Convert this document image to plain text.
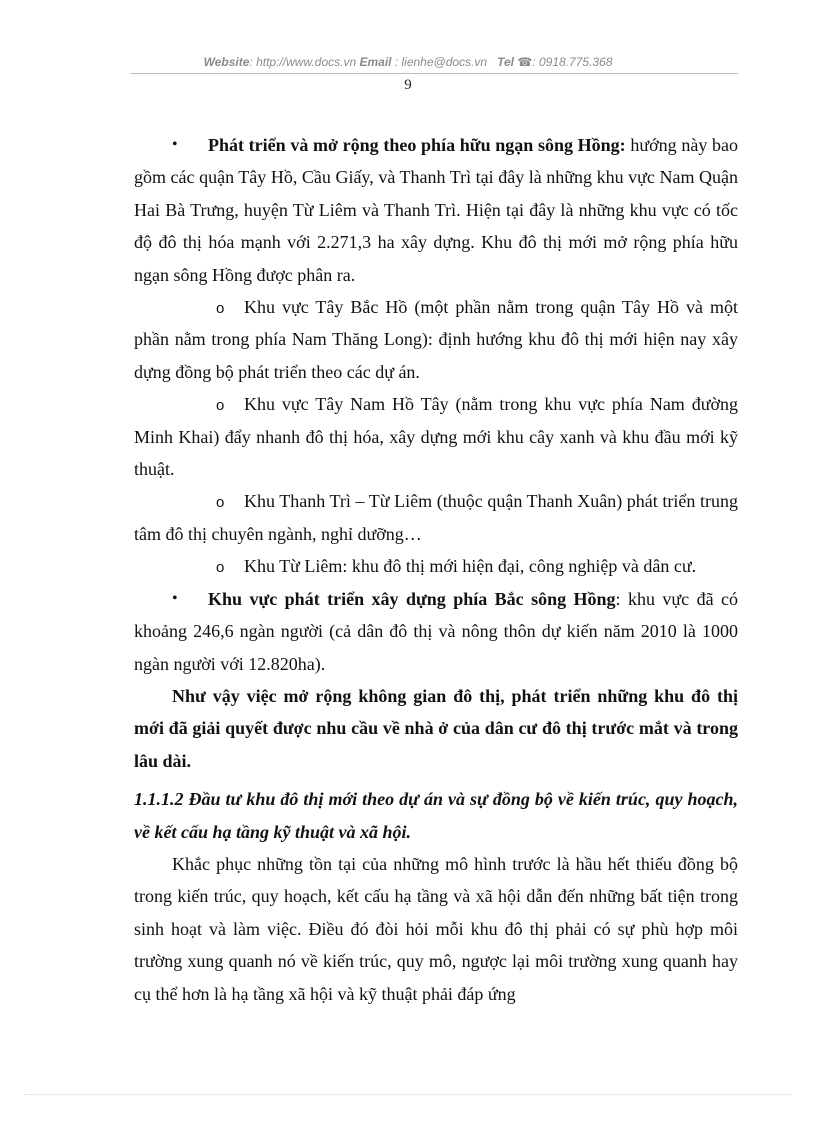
Website: http://www.docs.vn Email : lienhe@docs.vn Tel ☎: 0918.775.368
9

• Phát triển và mở rộng theo phía hữu ngạn sông Hồng: hướng này bao gồm các quận Tây Hồ, Cầu Giấy, và Thanh Trì tại đây là những khu vực Nam Quận Hai Bà Trưng, huyện Từ Liêm và Thanh Trì. Hiện tại đây là những khu vực có tốc độ đô thị hóa mạnh với 2.271,3 ha xây dựng. Khu đô thị mới mở rộng phía hữu ngạn sông Hồng được phân ra.

o Khu vực Tây Bắc Hồ (một phần nằm trong quận Tây Hồ và một phần nằm trong phía Nam Thăng Long): định hướng khu đô thị mới hiện nay xây dựng đồng bộ phát triển theo các dự án.

o Khu vực Tây Nam Hồ Tây (nằm trong khu vực phía Nam đường Minh Khai) đẩy nhanh đô thị hóa, xây dựng mới khu cây xanh và khu đầu mới kỹ thuật.

o Khu Thanh Trì – Từ Liêm (thuộc quận Thanh Xuân) phát triển trung tâm đô thị chuyên ngành, nghỉ dưỡng…

o Khu Từ Liêm: khu đô thị mới hiện đại, công nghiệp và dân cư.

• Khu vực phát triển xây dựng phía Bắc sông Hồng: khu vực đã có khoảng 246,6 ngàn người (cả dân đô thị và nông thôn dự kiến năm 2010 là 1000 ngàn người với 12.820ha).

Như vậy việc mở rộng không gian đô thị, phát triển những khu đô thị mới đã giải quyết được nhu cầu về nhà ở của dân cư đô thị trước mắt và trong lâu dài.

1.1.1.2 Đầu tư khu đô thị mới theo dự án và sự đồng bộ về kiến trúc, quy hoạch, về kết cấu hạ tầng kỹ thuật và xã hội.

Khắc phục những tồn tại của những mô hình trước là hầu hết thiếu đồng bộ trong kiến trúc, quy hoạch, kết cấu hạ tầng và xã hội dẫn đến những bất tiện trong sinh hoạt và làm việc. Điều đó đòi hỏi mỗi khu đô thị phải có sự phù hợp môi trường xung quanh nó về kiến trúc, quy mô, ngược lại môi trường xung quanh hay cụ thể hơn là hạ tầng xã hội và kỹ thuật phải đáp ứng
